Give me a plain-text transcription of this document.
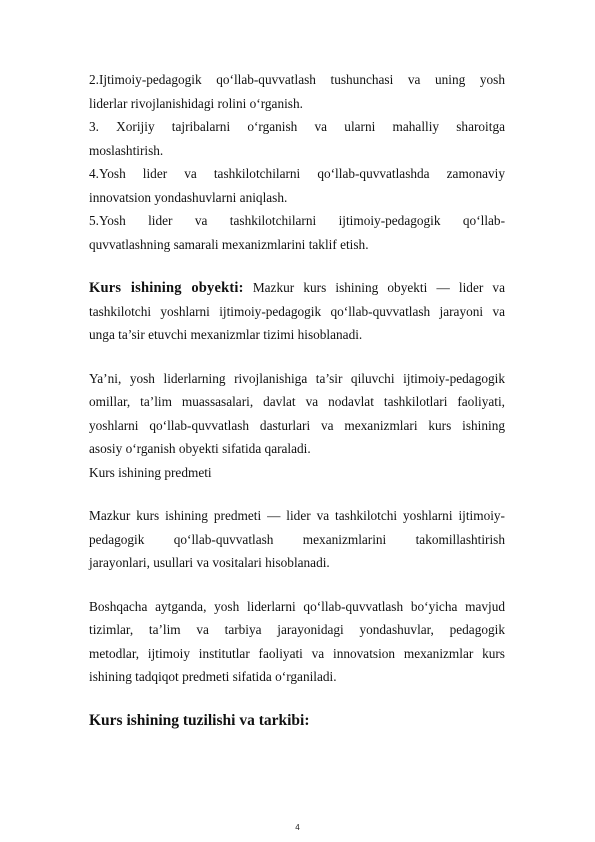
2.Ijtimoiy-pedagogik qo‘llab-quvvatlash tushunchasi va uning yosh
liderlar rivojlanishidagi rolini o‘rganish.
3. Xorijiy tajribalarni o‘rganish va ularni mahalliy sharoitga
moslashtirish.
4.Yosh lider va tashkilotchilarni qo‘llab-quvvatlashda zamonaviy
innovatsion yondashuvlarni aniqlash.
5.Yosh lider va tashkilotchilarni ijtimoiy-pedagogik qo‘llab-
quvvatlashning samarali mexanizmlarini taklif etish.
Kurs ishining obyekti: Mazkur kurs ishining obyekti — lider va
tashkilotchi yoshlarni ijtimoiy-pedagogik qo‘llab-quvvatlash jarayoni va
unga ta’sir etuvchi mexanizmlar tizimi hisoblanadi.
Ya’ni, yosh liderlarning rivojlanishiga ta’sir qiluvchi ijtimoiy-pedagogik
omillar, ta’lim muassasalari, davlat va nodavlat tashkilotlari faoliyati,
yoshlarni qo‘llab-quvvatlash dasturlari va mexanizmlari kurs ishining
asosiy o‘rganish obyekti sifatida qaraladi.
Kurs ishining predmeti
Mazkur kurs ishining predmeti — lider va tashkilotchi yoshlarni ijtimoiy-
pedagogik qo‘llab-quvvatlash mexanizmlarini takomillashtirish
jarayonlari, usullari va vositalari hisoblanadi.
Boshqacha aytganda, yosh liderlarni qo‘llab-quvvatlash bo‘yicha mavjud
tizimlar, ta’lim va tarbiya jarayonidagi yondashuvlar, pedagogik
metodlar, ijtimoiy institutlar faoliyati va innovatsion mexanizmlar kurs
ishining tadqiqot predmeti sifatida o‘rganiladi.
Kurs ishining tuzilishi va tarkibi:
4
